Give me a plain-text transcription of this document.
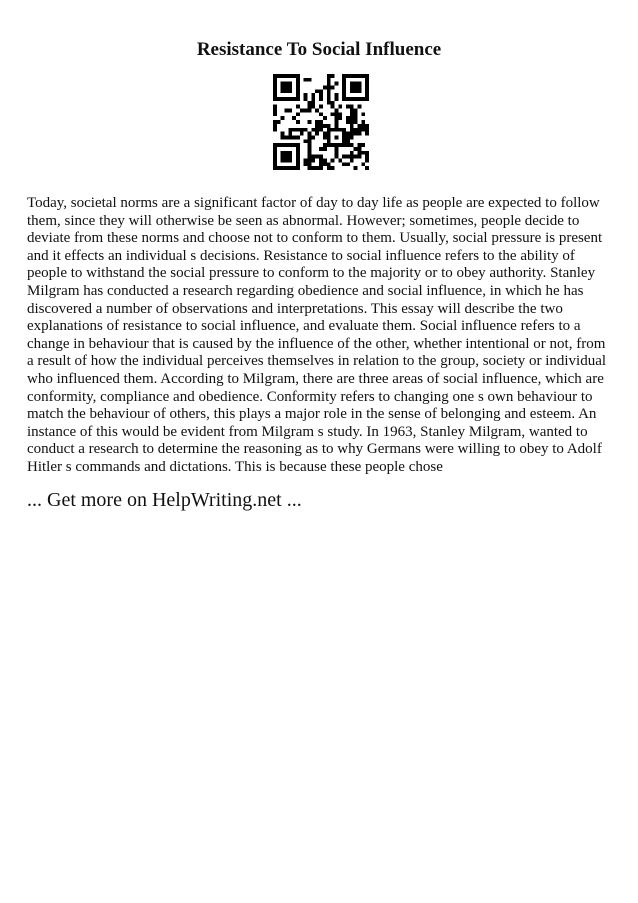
Resistance To Social Influence

Today, societal norms are a significant factor of day to day life as people are expected to follow them, since they will otherwise be seen as abnormal. However; sometimes, people decide to deviate from these norms and choose not to conform to them. Usually, social pressure is present and it effects an individual s decisions. Resistance to social influence refers to the ability of people to withstand the social pressure to conform to the majority or to obey authority. Stanley Milgram has conducted a research regarding obedience and social influence, in which he has discovered a number of observations and interpretations. This essay will describe the two explanations of resistance to social influence, and evaluate them. Social influence refers to a change in behaviour that is caused by the influence of the other, whether intentional or not, from a result of how the individual perceives themselves in relation to the group, society or individual who influenced them. According to Milgram, there are three areas of social influence, which are conformity, compliance and obedience. Conformity refers to changing one s own behaviour to match the behaviour of others, this plays a major role in the sense of belonging and esteem. An instance of this would be evident from Milgram s study. In 1963, Stanley Milgram, wanted to conduct a research to determine the reasoning as to why Germans were willing to obey to Adolf Hitler s commands and dictations. This is because these people chose

... Get more on HelpWriting.net ...
